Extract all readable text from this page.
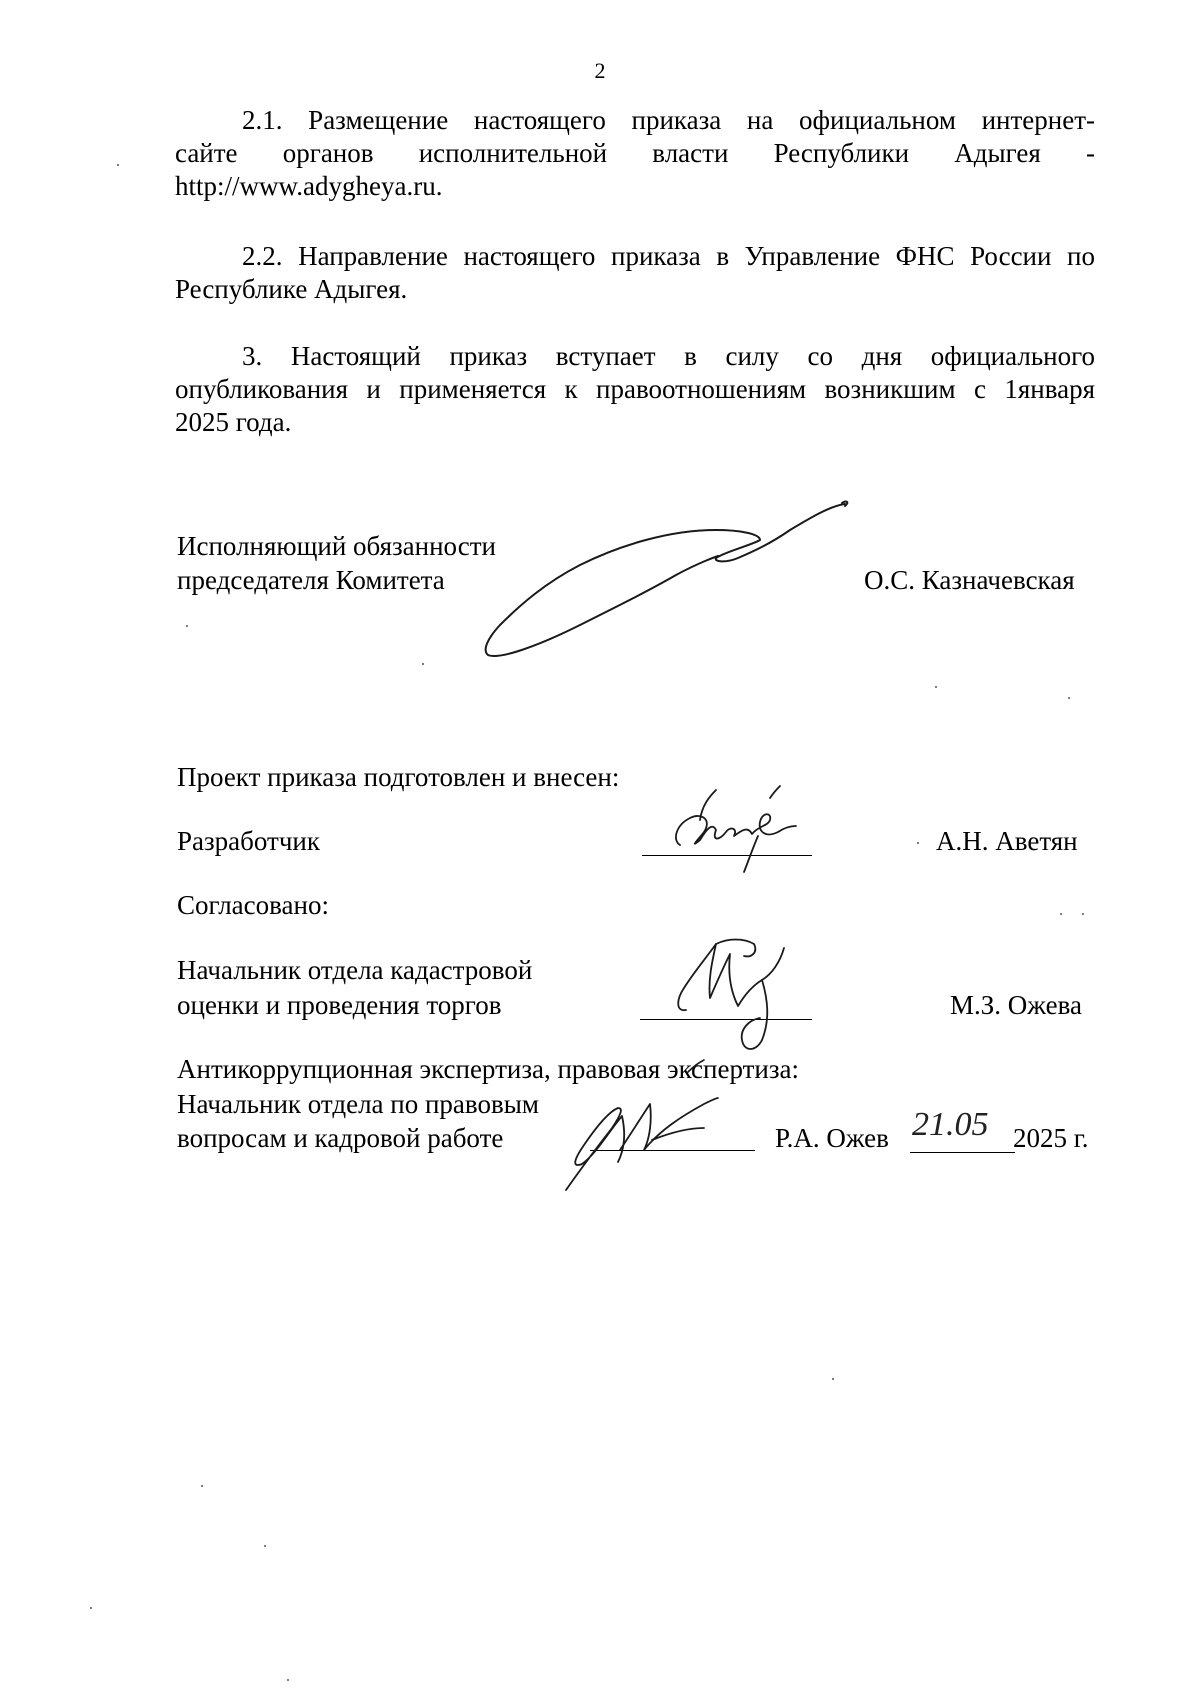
2
2.1. Размещение настоящего приказа на официальном интернет-
сайте органов исполнительной власти Республики Адыгея -
http://www.adygheya.ru.
2.2. Направление настоящего приказа в Управление ФНС России по
Республике Адыгея.
3. Настоящий приказ вступает в силу со дня официального
опубликования и применяется к правоотношениям возникшим с 1января
2025 года.
Исполняющий обязанности
председателя Комитета	О.С. Казначевская
Проект приказа подготовлен и внесен:
Разработчик	А.Н. Аветян
Согласовано:
Начальник отдела кадастровой
оценки и проведения торгов	М.З. Ожева
Антикоррупционная экспертиза, правовая экспертиза:
Начальник отдела по правовым
вопросам и кадровой работе	Р.А. Ожев 21.05 2025 г.
